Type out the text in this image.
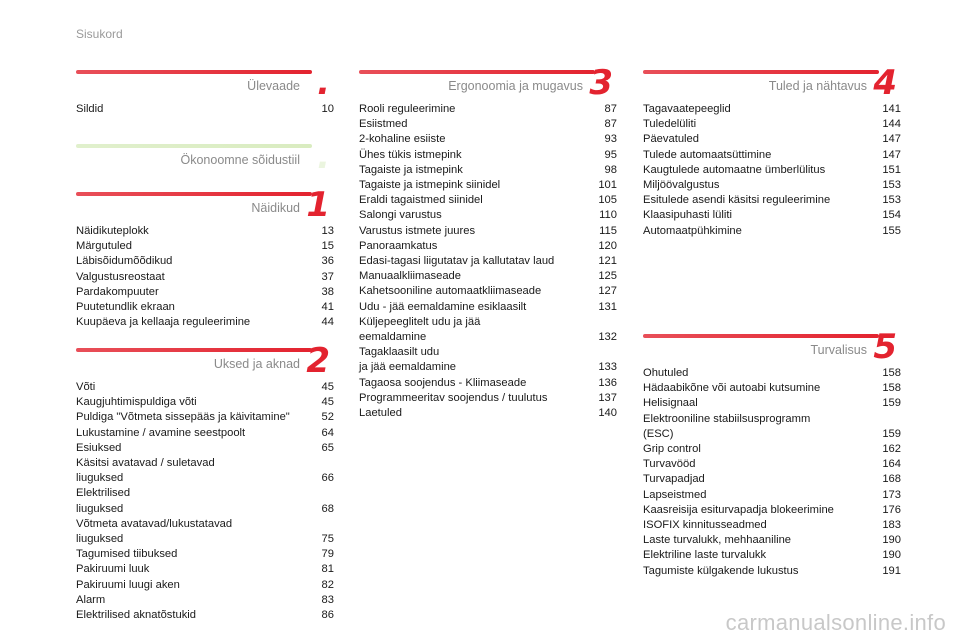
Sisukord
Ülevaade .
Sildid	10
Ökonoomne sõidustiil .
Näidikud 1
Näidikuteplokk	13
Märgutuled	15
Läbisõidumõõdikud	36
Valgustusreostaat	37
Pardakompuuter	38
Puutetundlik ekraan	41
Kuupäeva ja kellaaja reguleerimine	44
Uksed ja aknad 2
Võti	45
Kaugjuhtimispuldiga võti	45
Puldiga "Võtmeta sissepääs ja käivitamine"	52
Lukustamine / avamine seestpoolt	64
Esiuksed	65
Käsitsi avatavad / suletavad
liuguksed	66
Elektrilised
liuguksed	68
Võtmeta avatavad/lukustatavad
liuguksed	75
Tagumised tiibuksed	79
Pakiruumi luuk	81
Pakiruumi luugi aken	82
Alarm	83
Elektrilised aknatõstukid	86
Ergonoomia ja mugavus 3
Rooli reguleerimine	87
Esiistmed	87
2-kohaline esiiste	93
Ühes tükis istmepink	95
Tagaiste ja istmepink	98
Tagaiste ja istmepink siinidel	101
Eraldi tagaistmed siinidel	105
Salongi varustus	110
Varustus istmete juures	115
Panoraamkatus	120
Edasi-tagasi liigutatav ja kallutatav laud	121
Manuaalkliimaseade	125
Kahetsooniline automaatkliimaseade	127
Udu - jää eemaldamine esiklaasilt	131
Küljepeeglitelt udu ja jää
eemaldamine	132
Tagaklaasilt udu
ja jää eemaldamine	133
Tagaosa soojendus - Kliimaseade	136
Programmeeritav soojendus / tuulutus	137
Laetuled	140
Tuled ja nähtavus 4
Tagavaatepeeglid	141
Tuledelüliti	144
Päevatuled	147
Tulede automaatsüttimine	147
Kaugtulede automaatne ümberlülitus	151
Miljöövalgustus	153
Esitulede asendi käsitsi reguleerimine	153
Klaasipuhasti lüliti	154
Automaatpühkimine	155
Turvalisus 5
Ohutuled	158
Hädaabikõne või autoabi kutsumine	158
Helisignaal	159
Elektrooniline stabiilsusprogramm
(ESC)	159
Grip control	162
Turvavööd	164
Turvapadjad	168
Lapseistmed	173
Kaasreisija esiturvapadja blokeerimine	176
ISOFIX kinnitusseadmed	183
Laste turvalukk, mehhaaniline	190
Elektriline laste turvalukk	190
Tagumiste külgakende lukustus	191
carmanualsonline.info
